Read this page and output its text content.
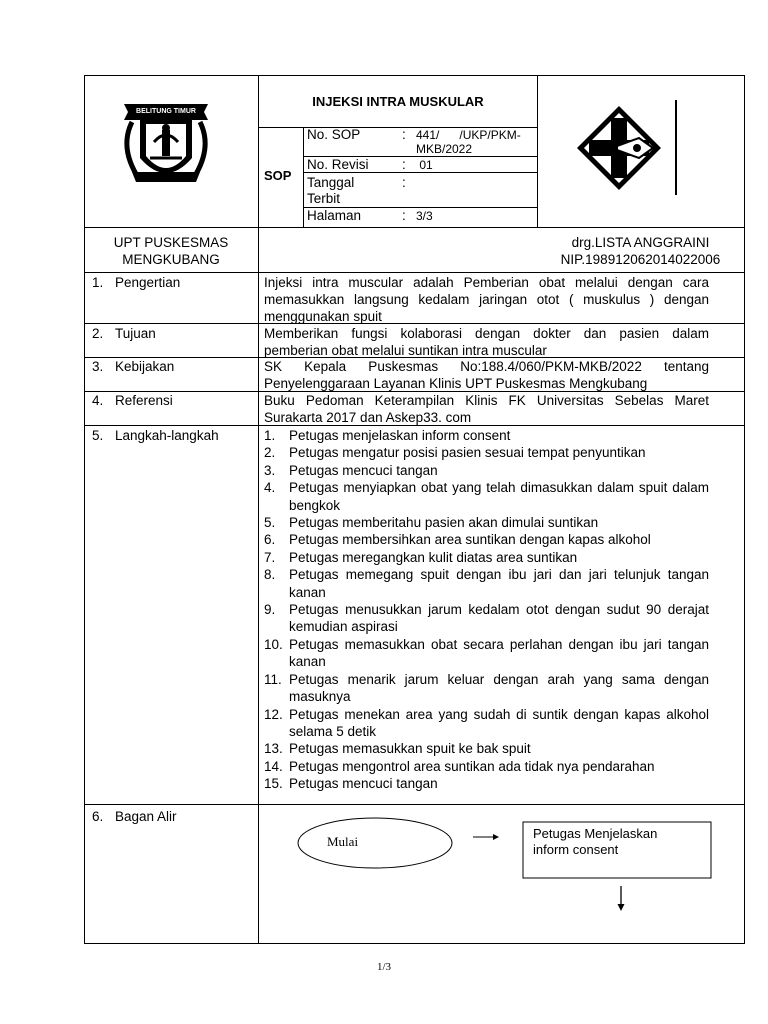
BELITUNG TIMUR
INJEKSI INTRA MUSKULAR
SOP
No. SOP	: 441/      /UKP/PKM-
MKB/2022
No. Revisi : 01
Tanggal
Terbit
:
Halaman	: 3/3
UPT PUSKESMAS
MENGKUBANG
drg.LISTA ANGGRAINI
NIP.198912062014022006
1. Pengertian	Injeksi intra muscular adalah Pemberian obat melalui dengan cara memasukkan langsung kedalam jaringan otot ( muskulus ) dengan menggunakan spuit
2. Tujuan	Memberikan fungsi kolaborasi dengan dokter dan pasien dalam pemberian obat melalui suntikan intra muscular
3. Kebijakan	SK Kepala Puskesmas No:188.4/060/PKM-MKB/2022 tentang Penyelenggaraan Layanan Klinis UPT Puskesmas Mengkubang
4. Referensi	Buku Pedoman Keterampilan Klinis FK Universitas Sebelas Maret Surakarta 2017 dan Askep33. com
5. Langkah-langkah	1. Petugas menjelaskan inform consent
2. Petugas mengatur posisi pasien sesuai tempat penyuntikan
3. Petugas mencuci tangan
4. Petugas menyiapkan obat yang telah dimasukkan dalam spuit dalam bengkok
5. Petugas memberitahu pasien akan dimulai suntikan
6. Petugas membersihkan area suntikan dengan kapas alkohol
7. Petugas meregangkan kulit diatas area suntikan
8. Petugas memegang spuit dengan ibu jari dan jari telunjuk tangan kanan
9. Petugas menusukkan jarum kedalam otot dengan sudut 90 derajat kemudian aspirasi
10. Petugas memasukkan obat secara perlahan dengan ibu jari tangan kanan
11. Petugas menarik jarum keluar dengan arah yang sama dengan masuknya
12. Petugas menekan area yang sudah di suntik dengan kapas alkohol selama 5 detik
13. Petugas memasukkan spuit ke bak spuit
14. Petugas mengontrol area suntikan ada tidak nya pendarahan
15. Petugas mencuci tangan
6. Bagan Alir
Mulai
Petugas Menjelaskan
inform consent
1/3
